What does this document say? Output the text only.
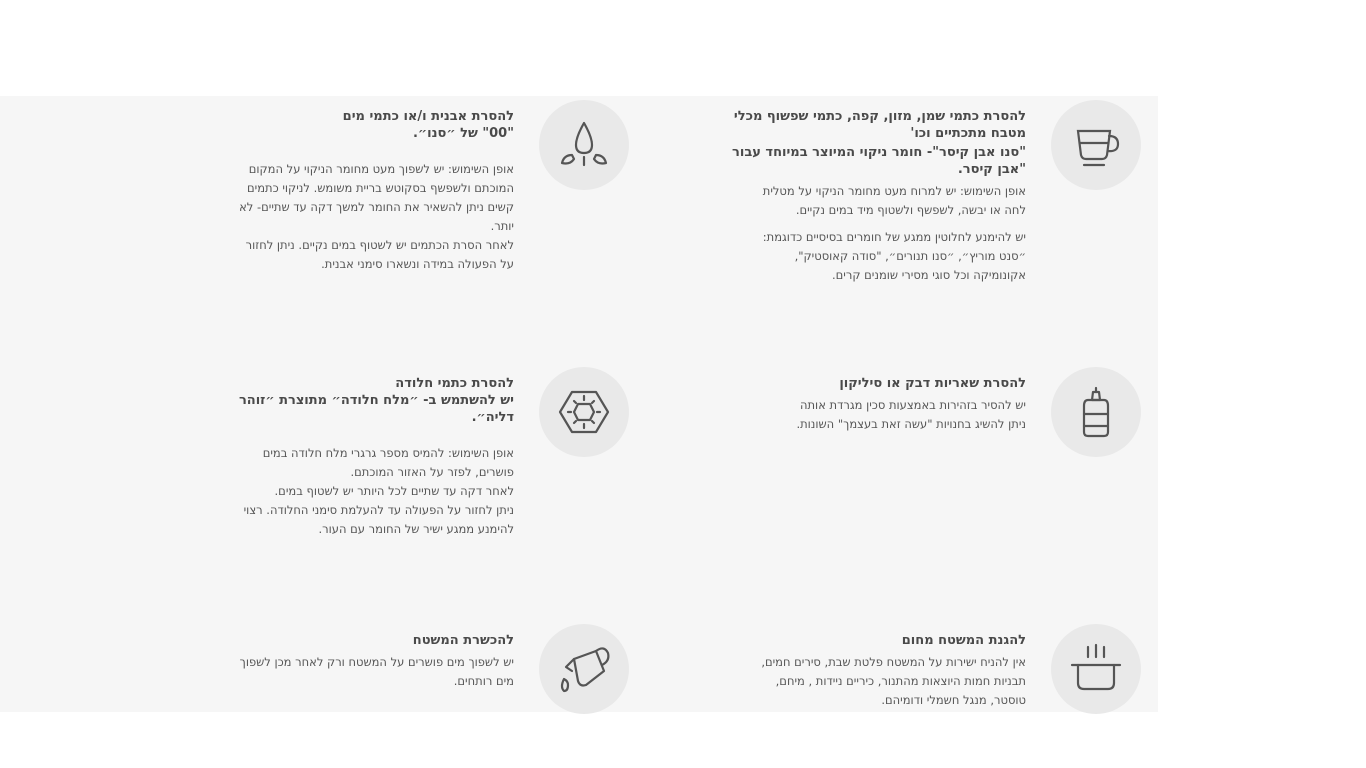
להסרת כתמי שמן, מזון, קפה, כתמי שפשוף מכלי
מטבח מתכתיים וכו'

"סנו אבן קיסר"- חומר ניקוי המיוצר במיוחד עבור
"אבן קיסר.

אופן השימוש: יש למרוח מעט מחומר הניקוי על מטלית
לחה או יבשה, לשפשף ולשטוף מיד במים נקיים.

יש להימנע לחלוטין ממגע של חומרים בסיסיים כדוגמת:
״סנט מוריץ״, ״סנו תנורים״, "סודה קאוסטיק",
אקונומיקה וכל סוגי מסירי שומנים קרים.

להסרת אבנית ו/או כתמי מים
"00" של ״סנו״.

אופן השימוש: יש לשפוך מעט מחומר הניקוי על המקום
המוכתם ולשפשף בסקוטש בריית משומש. לניקוי כתמים
קשים ניתן להשאיר את החומר למשך דקה עד שתיים- לא
יותר.
לאחר הסרת הכתמים יש לשטוף במים נקיים. ניתן לחזור
על הפעולה במידה ונשארו סימני אבנית.

להסרת שאריות דבק או סיליקון

יש להסיר בזהירות באמצעות סכין מגרדת אותה
ניתן להשיג בחנויות "עשה זאת בעצמך" השונות.

להסרת כתמי חלודה
יש להשתמש ב- ״מלח חלודה״ מתוצרת ״זוהר
דליה״.

אופן השימוש: להמיס מספר גרגרי מלח חלודה במים
פושרים, לפזר על האזור המוכתם.
לאחר דקה עד שתיים לכל היותר יש לשטוף במים.
ניתן לחזור על הפעולה עד להעלמת סימני החלודה. רצוי
להימנע ממגע ישיר של החומר עם העור.

להגנת המשטח מחום

אין להניח ישירות על המשטח פלטת שבת, סירים חמים,
תבניות חמות היוצאות מהתנור, כיריים ניידות , מיחם,
טוסטר, מנגל חשמלי ודומיהם.

להכשרת המשטח

יש לשפוך מים פושרים על המשטח ורק לאחר מכן לשפוך
מים רותחים.
